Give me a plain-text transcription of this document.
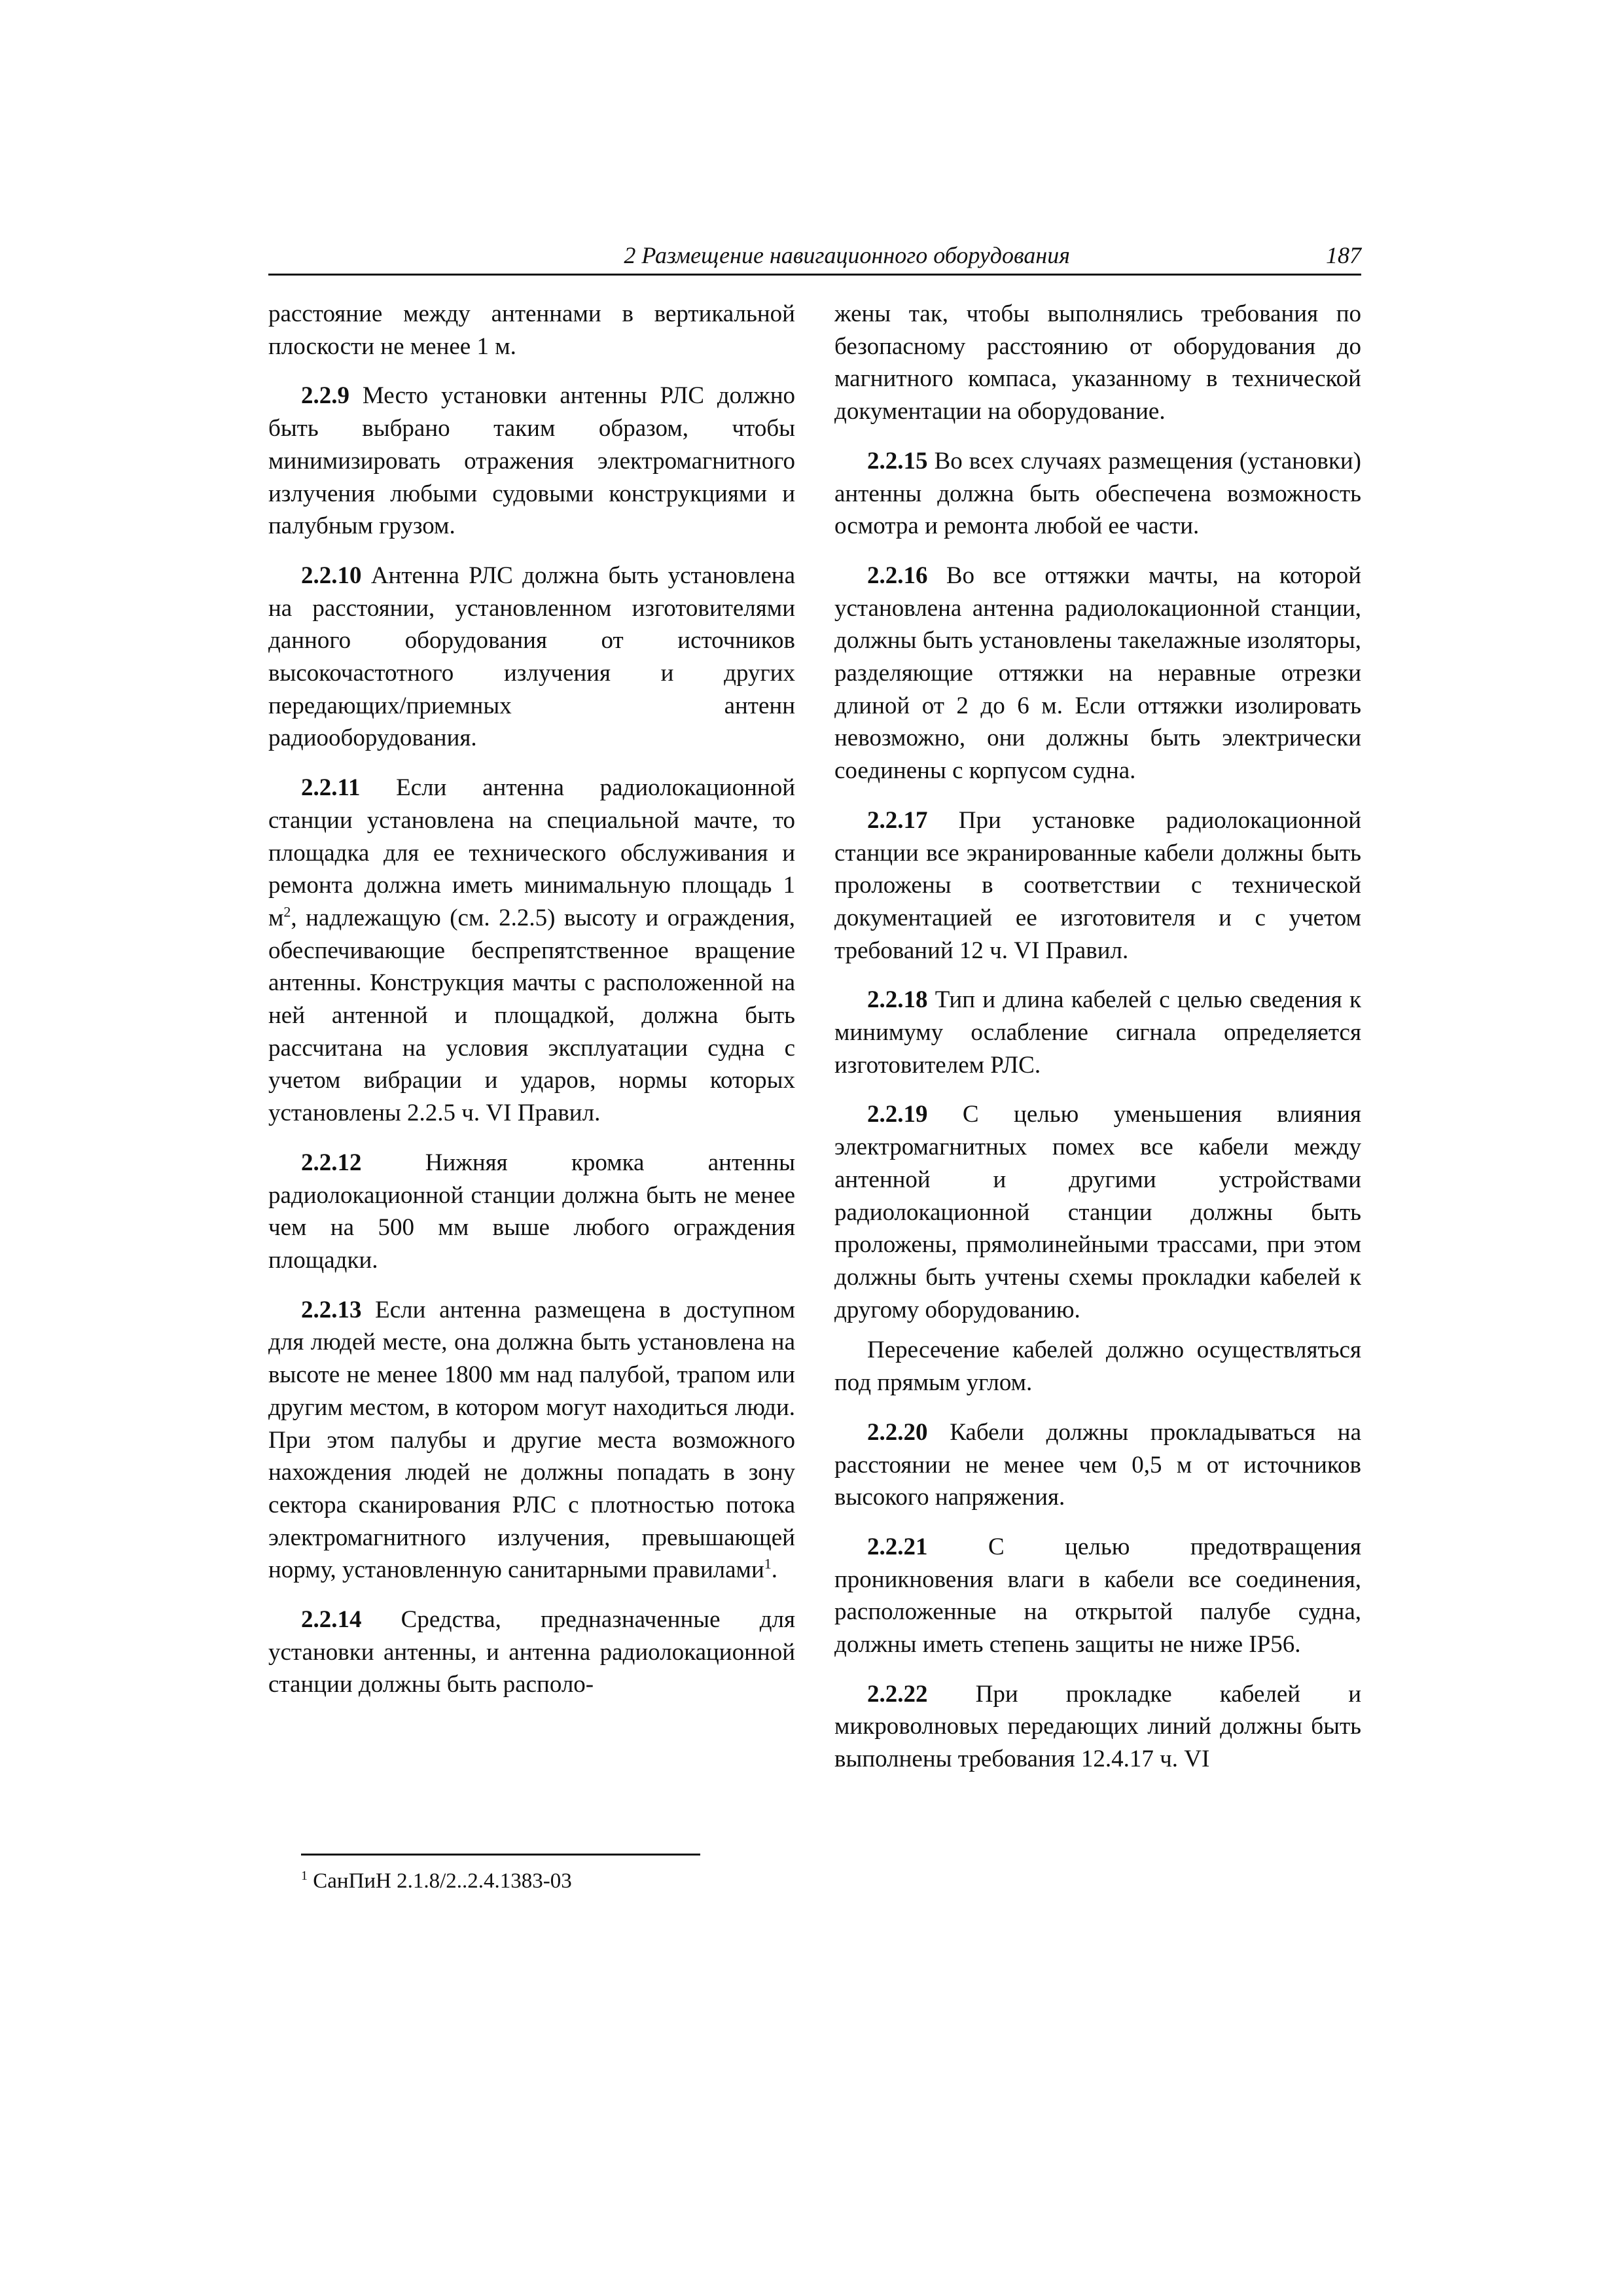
2 Размещение навигационного оборудования	187

расстояние между антеннами в вертикальной плоскости не менее 1 м.

2.2.9 Место установки антенны РЛС должно быть выбрано таким образом, чтобы минимизировать отражения электромагнитного излучения любыми судовыми конструкциями и палубным грузом.

2.2.10 Антенна РЛС должна быть установлена на расстоянии, установленном изготовителями данного оборудования от источников высокочастотного излучения и других передающих/приемных антенн радиооборудования.

2.2.11 Если антенна радиолокационной станции установлена на специальной мачте, то площадка для ее технического обслуживания и ремонта должна иметь минимальную площадь 1 $м^2$, надлежащую (см. 2.2.5) высоту и ограждения, обеспечивающие беспрепятственное вращение антенны. Конструкция мачты с расположенной на ней антенной и площадкой, должна быть рассчитана на условия эксплуатации судна с учетом вибрации и ударов, нормы которых установлены 2.2.5 ч. VI Правил.

2.2.12	Нижняя кромка антенны радиолокационной станции должна быть не менее чем на 500 мм выше любого ограждения площадки.

2.2.13 Если антенна размещена в доступном для людей месте, она должна быть установлена на высоте не менее 1800 мм над палубой, трапом или другим местом, в котором могут находиться люди. При этом палубы и другие места возможного нахождения людей не должны попадать в зону сектора сканирования РЛС с плотностью потока электромагнитного излучения, превышающей норму, установленную санитарными правилами$^1$.

2.2.14 Средства, предназначенные для установки антенны, и антенна радиолокационной станции должны быть располо-

жены так, чтобы выполнялись требования по безопасному расстоянию от оборудования до магнитного компаса, указанному в технической документации на оборудование.

2.2.15 Во всех случаях размещения (установки) антенны должна быть обеспечена возможность осмотра и ремонта любой ее части.

2.2.16 Во все оттяжки мачты, на которой установлена антенна радиолокационной станции, должны быть установлены такелажные изоляторы, разделяющие оттяжки на неравные отрезки длиной от 2 до 6 м. Если оттяжки изолировать невозможно, они должны быть электрически соединены с корпусом судна.

2.2.17 При установке радиолокационной станции все экранированные кабели должны быть проложены в соответствии с технической документацией ее изготовителя и с учетом требований 12 ч. VI Правил.

2.2.18 Тип и длина кабелей с целью сведения к минимуму ослабление сигнала определяется изготовителем РЛС.

2.2.19 С целью уменьшения влияния электромагнитных помех все кабели между антенной и другими устройствами радиолокационной станции должны быть проложены, прямолинейными трассами, при этом должны быть учтены схемы прокладки кабелей к другому оборудованию.

Пересечение кабелей должно осуществляться под прямым углом.

2.2.20 Кабели должны прокладываться на расстоянии не менее чем 0,5 м от источников высокого напряжения.

2.2.21 С целью предотвращения проникновения влаги в кабели все соединения, расположенные на открытой палубе судна, должны иметь степень защиты не ниже IP56.

2.2.22 При прокладке кабелей и микроволновых передающих линий должны быть выполнены требования 12.4.17 ч. VI

$^1$ СанПиН 2.1.8/2..2.4.1383-03
